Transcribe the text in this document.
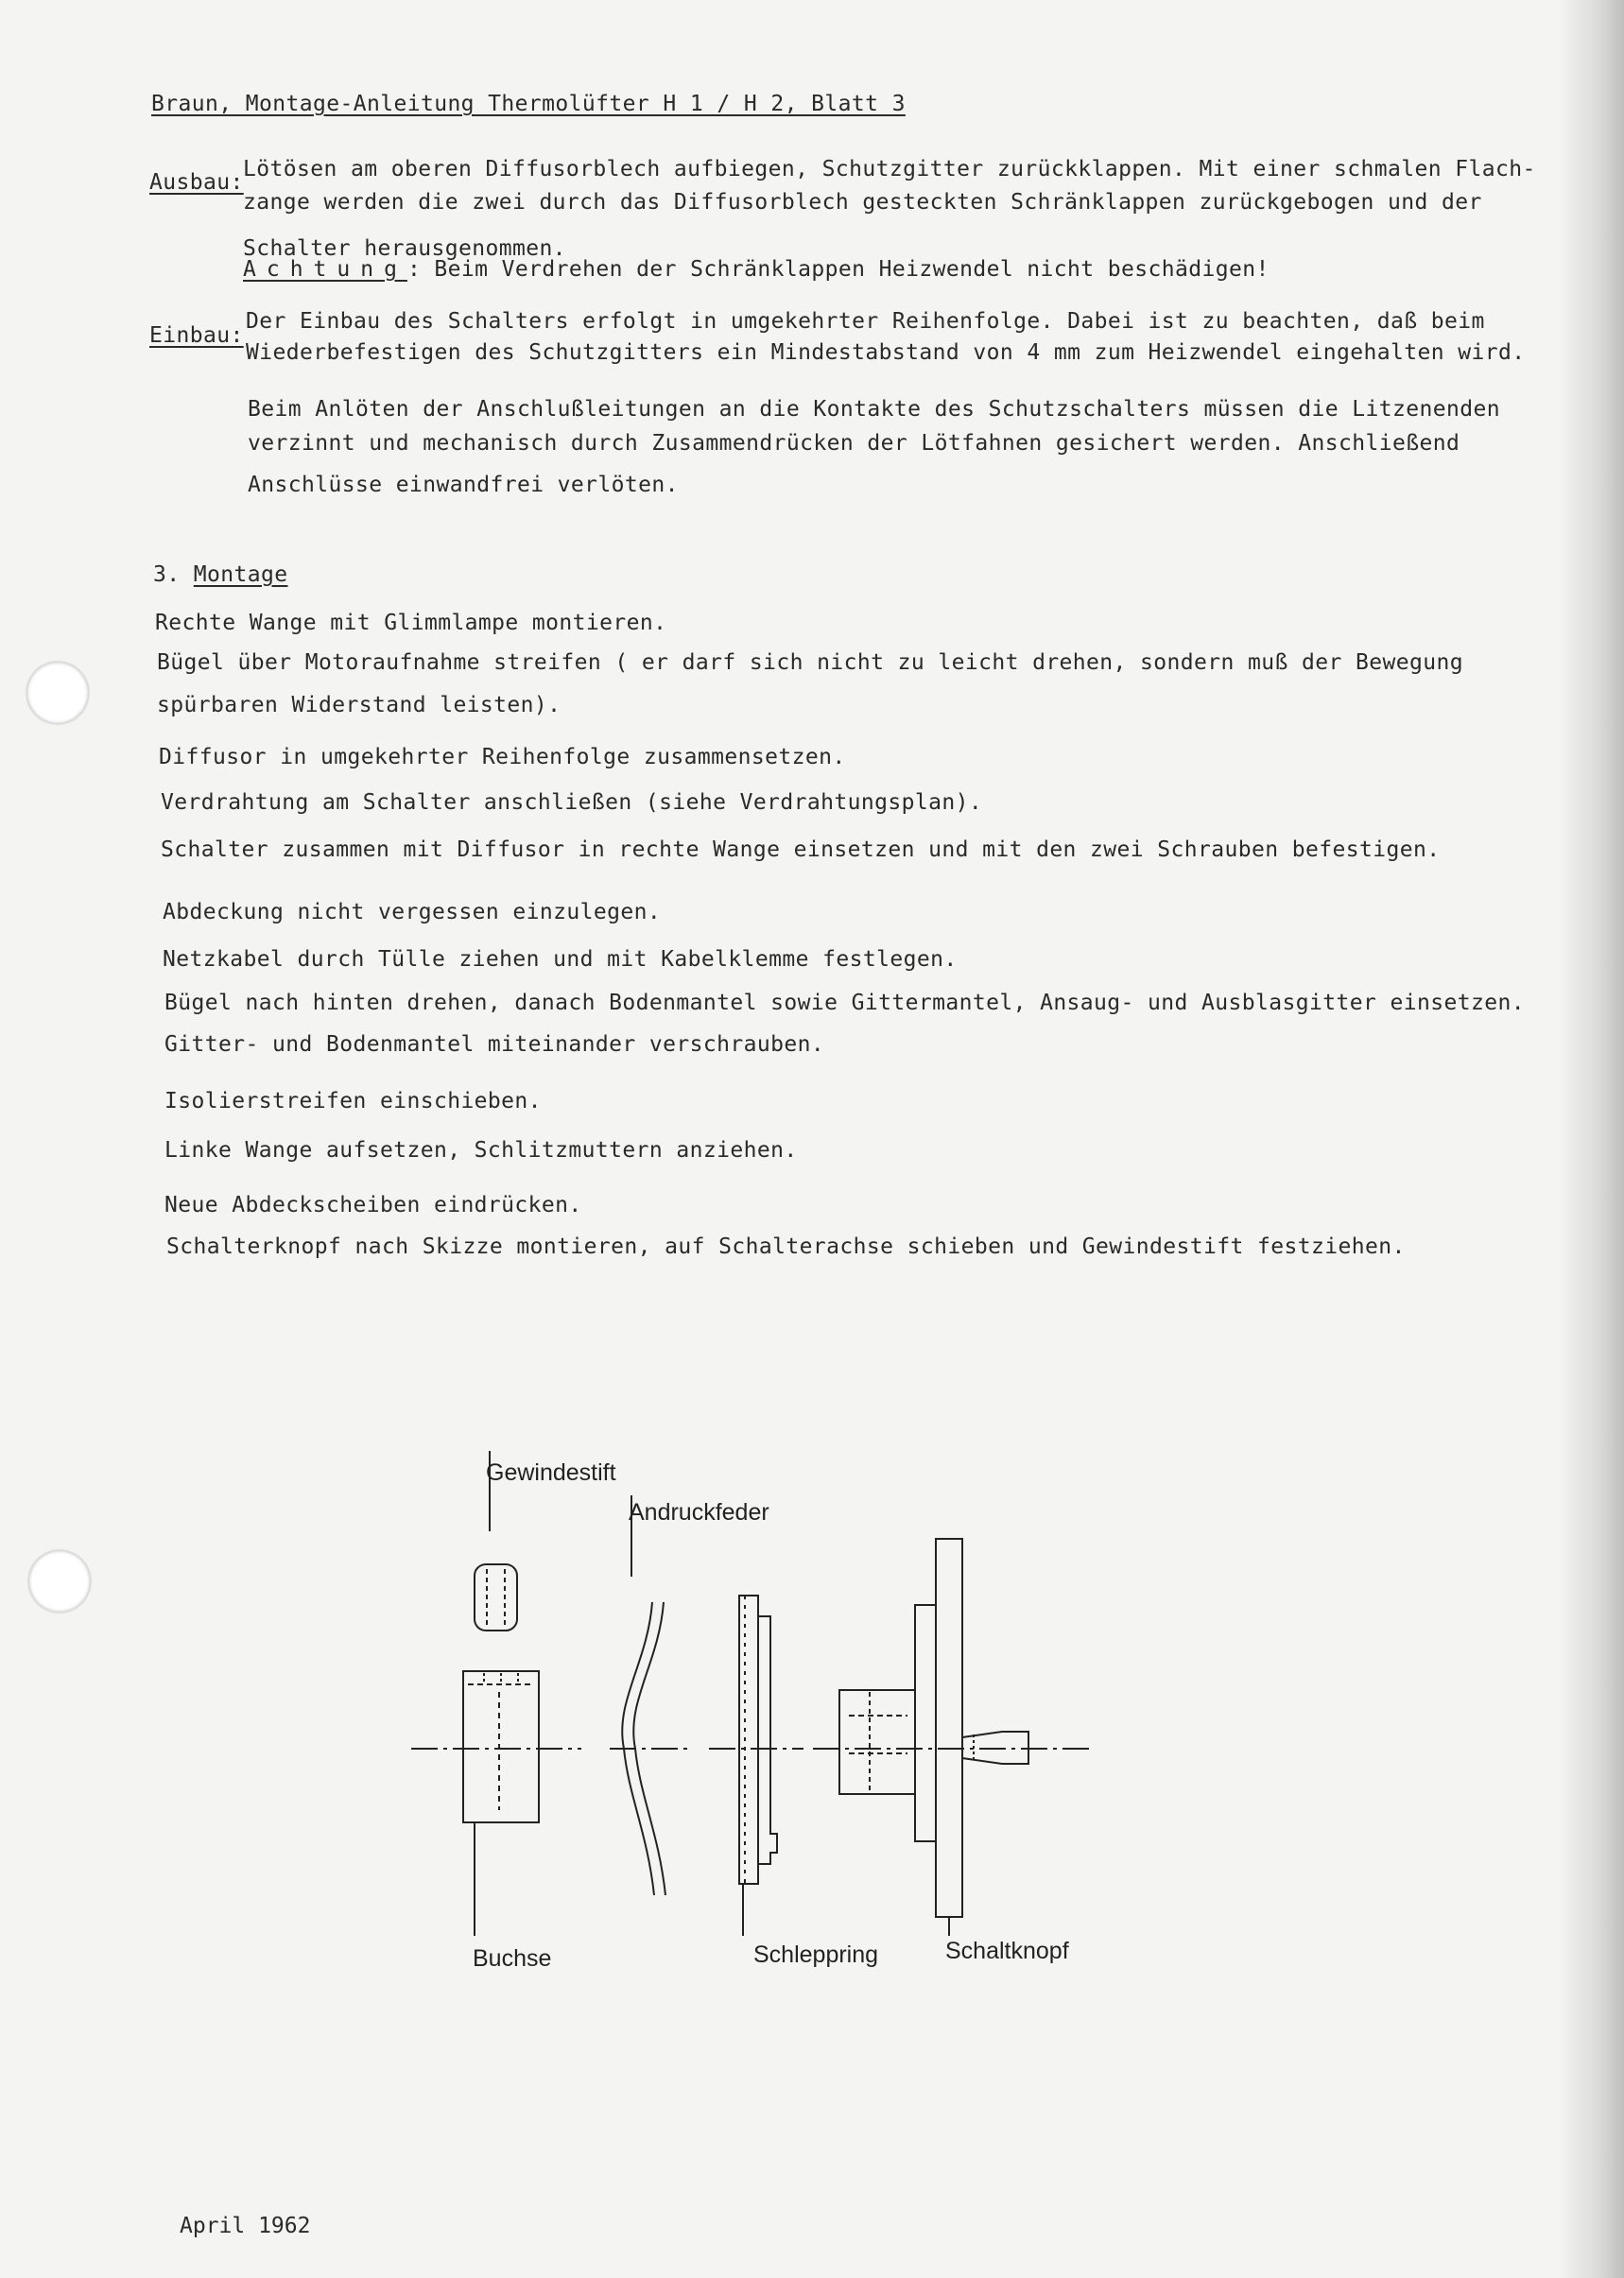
Braun, Montage-Anleitung Thermolüfter H 1 / H 2, Blatt 3
Ausbau:
Lötösen am oberen Diffusorblech aufbiegen, Schutzgitter zurückklappen. Mit einer schmalen Flach-
zange werden die zwei durch das Diffusorblech gesteckten Schränklappen zurückgebogen und der
Schalter herausgenommen.
Achtung: Beim Verdrehen der Schränklappen Heizwendel nicht beschädigen!
Einbau:
Der Einbau des Schalters erfolgt in umgekehrter Reihenfolge. Dabei ist zu beachten, daß beim
Wiederbefestigen des Schutzgitters ein Mindestabstand von 4 mm zum Heizwendel eingehalten wird.
Beim Anlöten der Anschlußleitungen an die Kontakte des Schutzschalters müssen die Litzenenden
verzinnt und mechanisch durch Zusammendrücken der Lötfahnen gesichert werden. Anschließend
Anschlüsse einwandfrei verlöten.
3. Montage
Rechte Wange mit Glimmlampe montieren.
Bügel über Motoraufnahme streifen ( er darf sich nicht zu leicht drehen, sondern muß der Bewegung
spürbaren Widerstand leisten).
Diffusor in umgekehrter Reihenfolge zusammensetzen.
Verdrahtung am Schalter anschließen (siehe Verdrahtungsplan).
Schalter zusammen mit Diffusor in rechte Wange einsetzen und mit den zwei Schrauben befestigen.
Abdeckung nicht vergessen einzulegen.
Netzkabel durch Tülle ziehen und mit Kabelklemme festlegen.
Bügel nach hinten drehen, danach Bodenmantel sowie Gittermantel, Ansaug- und Ausblasgitter einsetzen.
Gitter- und Bodenmantel miteinander verschrauben.
Isolierstreifen einschieben.
Linke Wange aufsetzen, Schlitzmuttern anziehen.
Neue Abdeckscheiben eindrücken.
Schalterknopf nach Skizze montieren, auf Schalterachse schieben und Gewindestift festziehen.
Gewindestift
Andruckfeder
Buchse	Schleppring	Schaltknopf
April 1962
